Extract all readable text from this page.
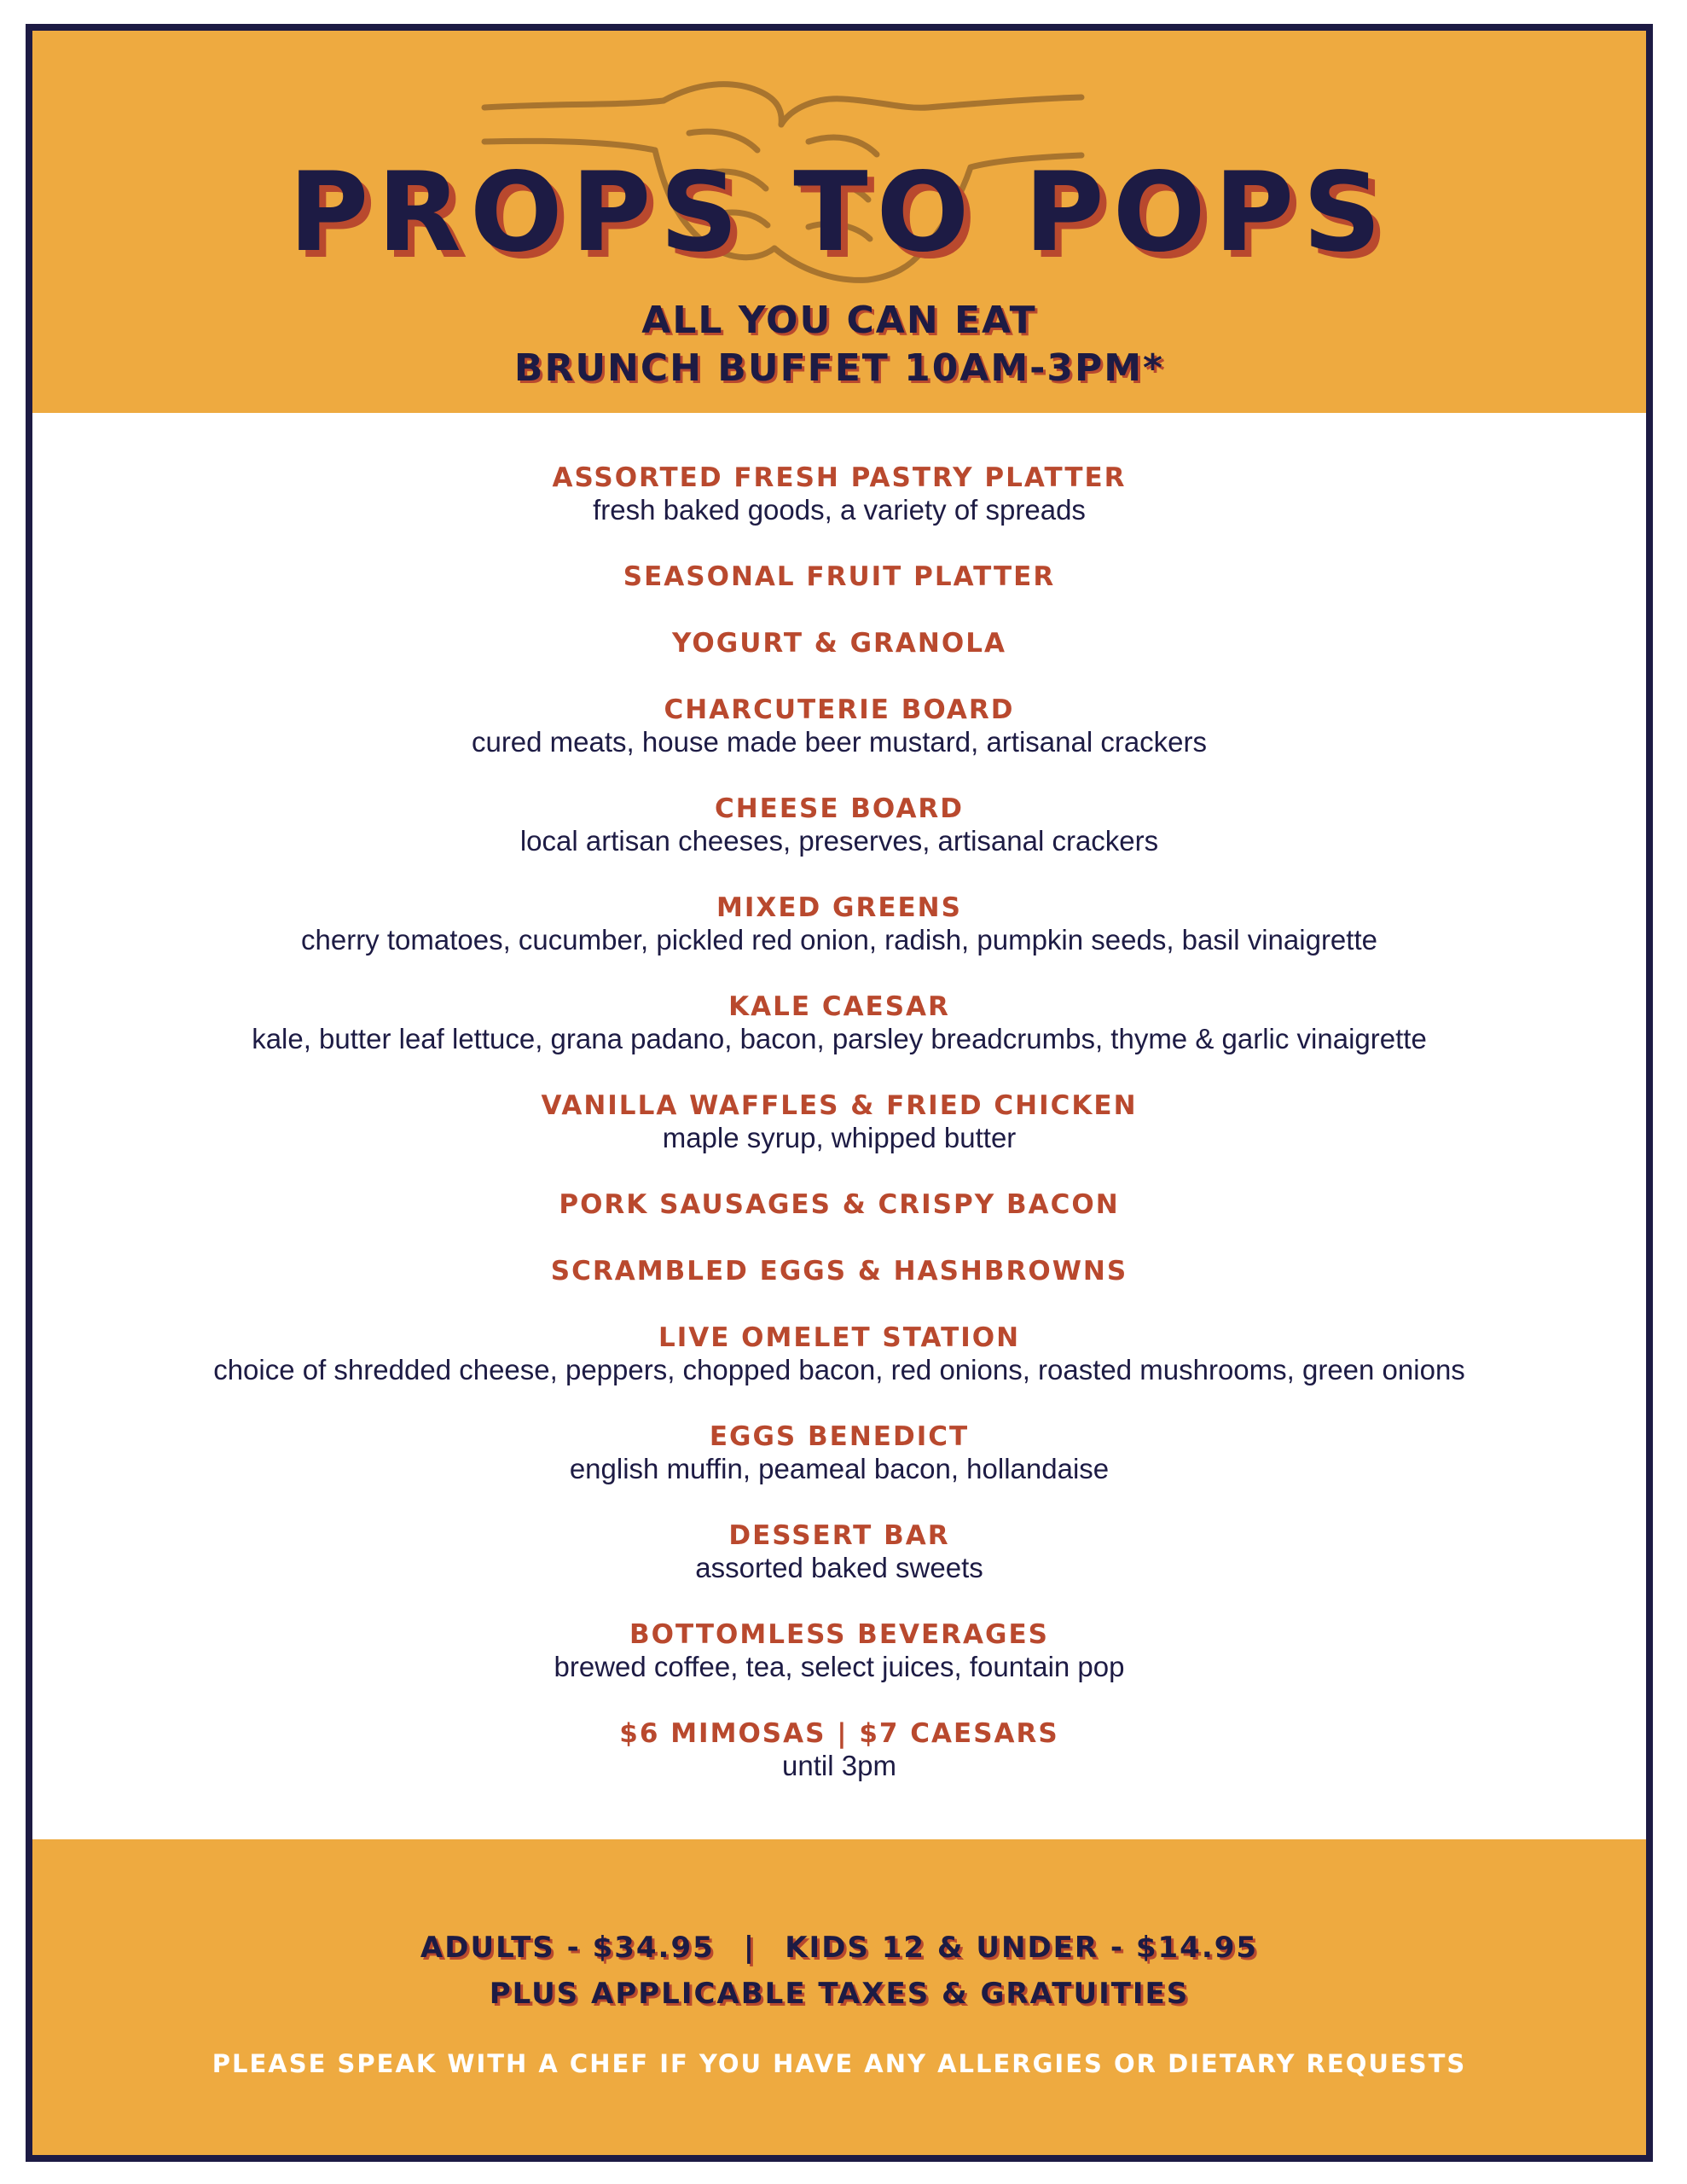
PROPS TO POPS
ALL YOU CAN EAT
BRUNCH BUFFET 10AM-3PM*
ASSORTED FRESH PASTRY PLATTER
fresh baked goods, a variety of spreads
SEASONAL FRUIT PLATTER
YOGURT & GRANOLA
CHARCUTERIE BOARD
cured meats, house made beer mustard, artisanal crackers
CHEESE BOARD
local artisan cheeses, preserves, artisanal crackers
MIXED GREENS
cherry tomatoes, cucumber, pickled red onion, radish, pumpkin seeds, basil vinaigrette
KALE CAESAR
kale, butter leaf lettuce, grana padano, bacon, parsley breadcrumbs, thyme & garlic vinaigrette
VANILLA WAFFLES & FRIED CHICKEN
maple syrup, whipped butter
PORK SAUSAGES & CRISPY BACON
SCRAMBLED EGGS & HASHBROWNS
LIVE OMELET STATION
choice of shredded cheese, peppers, chopped bacon, red onions, roasted mushrooms, green onions
EGGS BENEDICT
english muffin, peameal bacon, hollandaise
DESSERT BAR
assorted baked sweets
BOTTOMLESS BEVERAGES
brewed coffee, tea, select juices, fountain pop
$6 MIMOSAS | $7 CAESARS
until 3pm
ADULTS - $34.95 | KIDS 12 & UNDER - $14.95
PLUS APPLICABLE TAXES & GRATUITIES
PLEASE SPEAK WITH A CHEF IF YOU HAVE ANY ALLERGIES OR DIETARY REQUESTS
